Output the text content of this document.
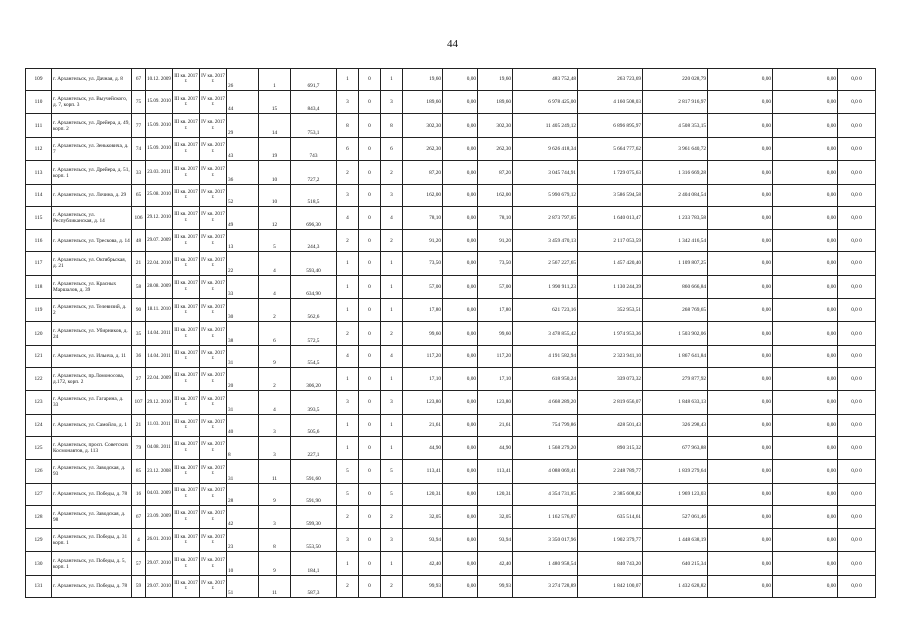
44
109	г. Архангельск, ул. Дачная, д. 8	67	10.12. 2009	III кв. 2017 г.	IV кв. 2017 г.	26	1	691,7	1	0	1	19,60	0,00	19,60	483 752,48	263 723,69	220 028,79	0,00	0,00	0,0 0
110	г. Архангельск, ул. Выучейского, д. 7, корп. 3	75	15.09. 2010	III кв. 2017 г.	IV кв. 2017 г.	44	15	843,4	3	0	3	189,60	0,00	189,60	6 978 425,00	4 160 508,03	2 817 916,97	0,00	0,00	0,0 0
111	г. Архангельск, ул. Дрейера, д. 49, корп. 2	77	15.09. 2010	III кв. 2017 г.	IV кв. 2017 г.	29	14	753,1	8	0	8	302,30	0,00	302,30	11 405 249,12	6 896 895,97	4 508 353,15	0,00	0,00	0,0 0
112	г. Архангельск, ул. Зеньковича, д. 7	74	15.09. 2010	III кв. 2017 г.	IV кв. 2017 г.	43	19	743	6	0	6	262,30	0,00	262,30	9 626 418,34	5 664 777,62	3 961 640,72	0,00	0,00	0,0 0
113	г. Архангельск, ул. Дрейера, д. 51, корп. 1	33	23.03. 2011	III кв. 2017 г.	IV кв. 2017 г.	36	10	727,2	2	0	2	87,20	0,00	87,20	3 045 744,91	1 729 075,63	1 316 669,28	0,00	0,00	0,0 0
114	г. Архангельск, ул. Лочина, д. 29	65	25.08. 2010	III кв. 2017 г.	IV кв. 2017 г.	52	10	518,5	3	0	3	162,00	0,00	162,00	5 990 679,12	3 586 594,58	2 404 084,54	0,00	0,00	0,0 0
115	г. Архангельск, ул. Республиканская, д. 14	106	29.12. 2010	III кв. 2017 г.	IV кв. 2017 г.	49	12	696,30	4	0	4	78,10	0,00	78,10	2 873 797,05	1 640 013,47	1 233 783,58	0,00	0,00	0,0 0
116	г. Архангельск, ул. Трескова, д. 14	48	29.07. 2009	III кв. 2017 г.	IV кв. 2017 г.	13	5	244,3	2	0	2	91,20	0,00	91,20	3 459 470,13	2 117 053,59	1 342 416,54	0,00	0,00	0,0 0
117	г. Архангельск, ул. Октябрьская, д. 21	21	22.04. 2010	III кв. 2017 г.	IV кв. 2017 г.	22	4	593,40	1	0	1	73,50	0,00	73,50	2 567 227,65	1 457 420,40	1 109 807,25	0,00	0,00	0,0 0
118	г. Архангельск, ул. Красных Маршалов, д. 39	58	28.08. 2009	III кв. 2017 г.	IV кв. 2017 г.	33	4	634,90	1	0	1	57,00	0,00	57,00	1 990 911,23	1 130 244,39	860 666,84	0,00	0,00	0,0 0
119	г. Архангельск, ул. Телевизий, д. 2	90	18.11. 2010	III кв. 2017 г.	IV кв. 2017 г.	30	2	562,6	1	0	1	17,80	0,00	17,80	621 723,16	352 953,51	268 769,65	0,00	0,00	0,0 0
120	г. Архангельск, ул. Убирников, д. 24	35	14.04. 2011	III кв. 2017 г.	IV кв. 2017 г.	38	6	572,5	2	0	2	99,60	0,00	99,60	3 478 855,42	1 974 953,36	1 503 902,06	0,00	0,00	0,0 0
121	г. Архангельск, ул. Ильича, д. 11	36	14.04. 2011	III кв. 2017 г.	IV кв. 2017 г.	31	9	554,5	4	0	4	117,20	0,00	117,20	4 191 582,94	2 323 941,10	1 867 641,84	0,00	0,00	0,0 0
122	г. Архангельск, пр.Ломоносова, д.172, корп. 2	27	22.04. 2009	III кв. 2017 г.	IV кв. 2017 г.	20	2	306,20	1	0	1	17,10	0,00	17,10	618 950,24	339 073,32	279 877,92	0,00	0,00	0,0 0
123	г. Архангельск, ул. Гагарина, д. 33	107	29.12. 2010	III кв. 2017 г.	IV кв. 2017 г.	31	4	393,5	3	0	3	123,80	0,00	123,80	4 668 289,20	2 819 656,07	1 848 633,13	0,00	0,00	0,0 0
124	г. Архангельск, ул. Самойло, д. 1	21	11.03. 2011	III кв. 2017 г.	IV кв. 2017 г.	40	3	505,6	1	0	1	21,61	0,00	21,61	754 799,86	428 501,43	326 298,43	0,00	0,00	0,0 0
125	г. Архангельск, просп. Советских Космонавтов, д. 113	79	04.08. 2011	III кв. 2017 г.	IV кв. 2017 г.	8	3	227,1	1	0	1	44,90	0,00	44,90	1 568 279,20	890 315,32	677 963,88	0,00	0,00	0,0 0
126	г. Архангельск, ул. Заводская, д. 93	85	23.12. 2008	III кв. 2017 г.	IV кв. 2017 г.	31	11	591,60	5	0	5	113,41	0,00	113,41	4 088 069,41	2 248 789,77	1 839 279,64	0,00	0,00	0,0 0
127	г. Архангельск, ул. Победы, д. 78	16	04.03. 2009	III кв. 2017 г.	IV кв. 2017 г.	28	9	591,90	5	0	5	120,31	0,00	120,31	4 354 731,85	2 385 608,82	1 969 123,03	0,00	0,00	0,0 0
128	г. Архангельск, ул. Заводская, д. 98	67	23.09. 2009	III кв. 2017 г.	IV кв. 2017 г.	42	3	599,30	2	0	2	32,05	0,00	32,05	1 162 576,07	635 514,61	527 061,46	0,00	0,00	0,0 0
129	г. Архангельск, ул. Победы, д. 31 корп. 1	4	26.01. 2010	III кв. 2017 г.	IV кв. 2017 г.	23	8	553,50	3	0	3	93,94	0,00	93,94	3 350 017,96	1 902 379,77	1 448 638,19	0,00	0,00	0,0 0
130	г. Архангельск, ул. Победы, д. 5, корп. 1	57	29.07. 2010	III кв. 2017 г.	IV кв. 2017 г.	10	9	184,1	1	0	1	42,40	0,00	42,40	1 480 958,54	840 743,20	640 215,34	0,00	0,00	0,0 0
131	г. Архангельск, ул. Победы, д. 78	59	29.07. 2010	III кв. 2017 г.	IV кв. 2017 г.	51	11	587,3	2	0	2	99,93	0,00	99,93	3 274 728,89	1 842 100,07	1 432 628,82	0,00	0,00	0,0 0
